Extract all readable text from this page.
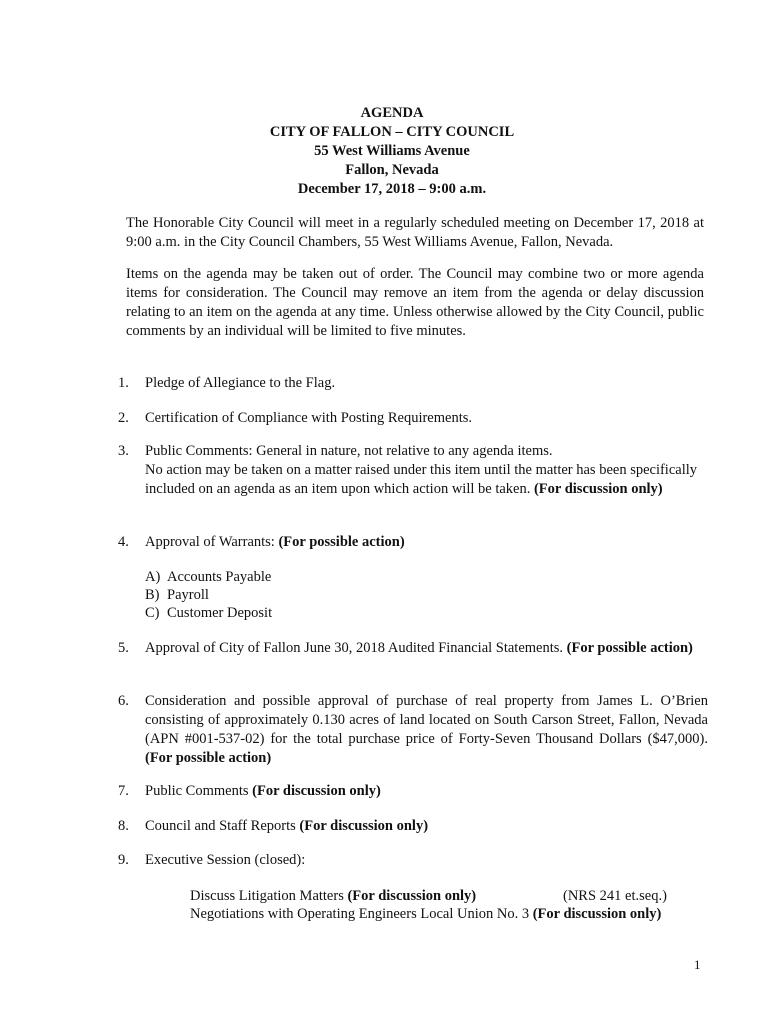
AGENDA
CITY OF FALLON – CITY COUNCIL
55 West Williams Avenue
Fallon, Nevada
December 17, 2018 – 9:00 a.m.
The Honorable City Council will meet in a regularly scheduled meeting on December 17, 2018 at 9:00 a.m. in the City Council Chambers, 55 West Williams Avenue, Fallon, Nevada.
Items on the agenda may be taken out of order. The Council may combine two or more agenda items for consideration. The Council may remove an item from the agenda or delay discussion relating to an item on the agenda at any time. Unless otherwise allowed by the City Council, public comments by an individual will be limited to five minutes.
1.	Pledge of Allegiance to the Flag.
2.	Certification of Compliance with Posting Requirements.
3.	Public Comments: General in nature, not relative to any agenda items.
No action may be taken on a matter raised under this item until the matter has been specifically included on an agenda as an item upon which action will be taken. (For discussion only)
4.	Approval of Warrants: (For possible action)
A) Accounts Payable
B) Payroll
C) Customer Deposit
5.	Approval of City of Fallon June 30, 2018 Audited Financial Statements. (For possible action)
6.	Consideration and possible approval of purchase of real property from James L. O’Brien consisting of approximately 0.130 acres of land located on South Carson Street, Fallon, Nevada (APN #001-537-02) for the total purchase price of Forty-Seven Thousand Dollars ($47,000). (For possible action)
7.	Public Comments (For discussion only)
8.	Council and Staff Reports (For discussion only)
9.	Executive Session (closed):
Discuss Litigation Matters (For discussion only)	(NRS 241 et.seq.)
Negotiations with Operating Engineers Local Union No. 3 (For discussion only)
1
